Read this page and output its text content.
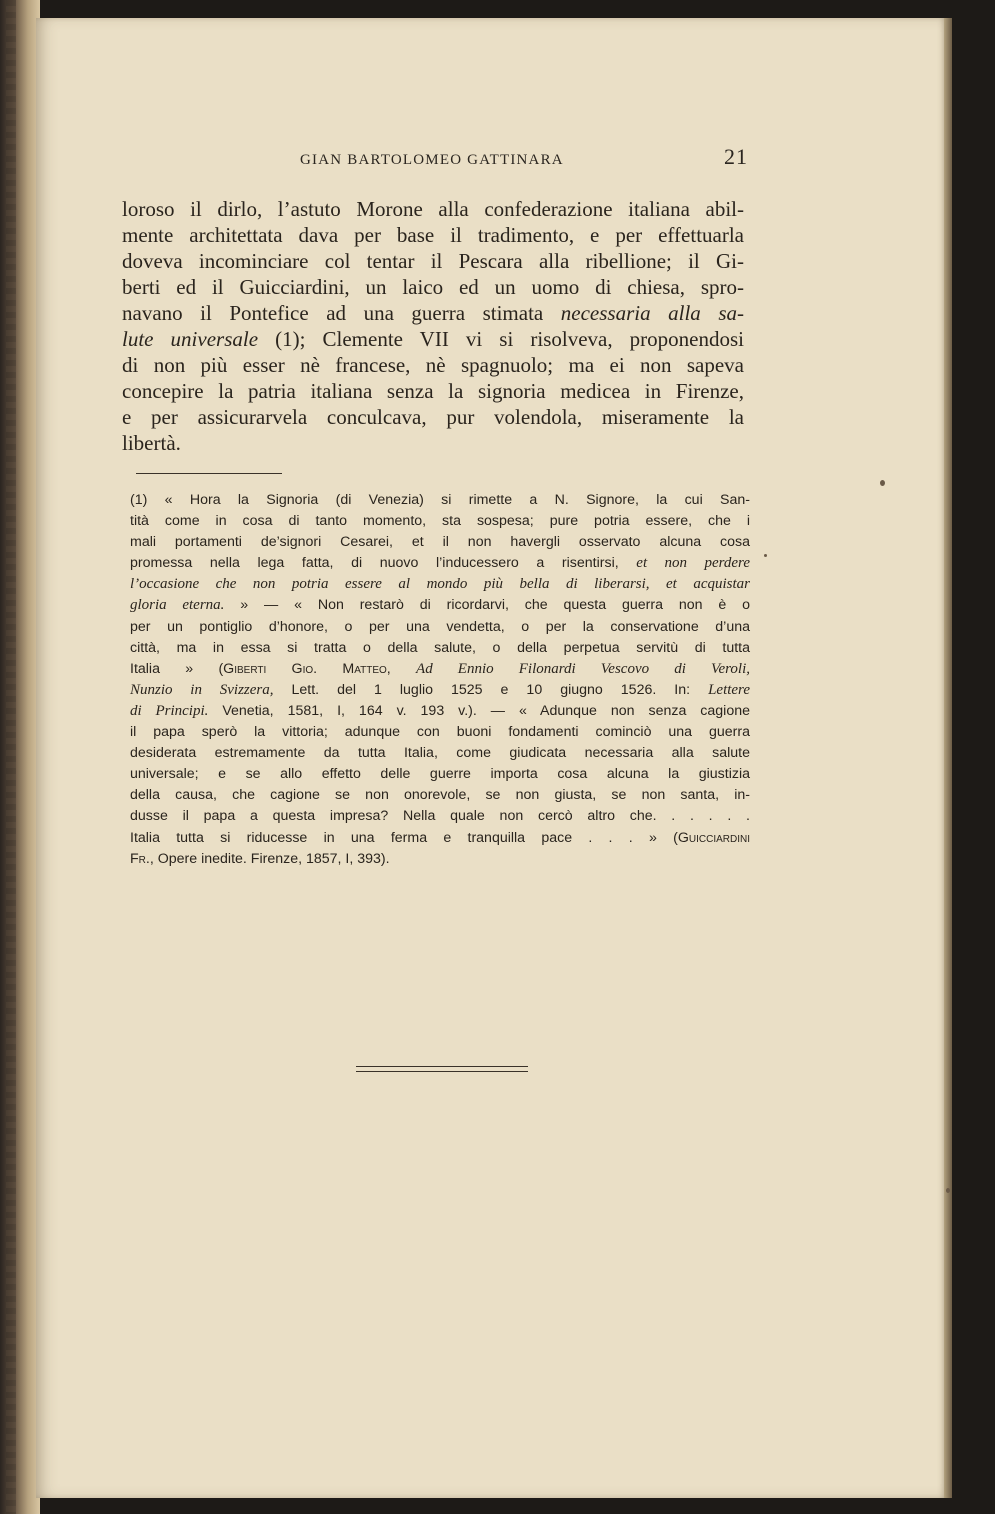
GIAN BARTOLOMEO GATTINARA	21
loroso il dirlo, l’astuto Morone alla confederazione italiana abil-
mente architettata dava per base il tradimento, e per effettuarla
doveva incominciare col tentar il Pescara alla ribellione; il Gi-
berti ed il Guicciardini, un laico ed un uomo di chiesa, spro-
navano il Pontefice ad una guerra stimata necessaria alla sa-
lute universale (1); Clemente VII vi si risolveva, proponendosi
di non più esser nè francese, nè spagnuolo; ma ei non sapeva
concepire la patria italiana senza la signoria medicea in Firenze,
e per assicurarvela conculcava, pur volendola, miseramente la
libertà.
(1) « Hora la Signoria (di Venezia) si rimette a N. Signore, la cui San-
tità come in cosa di tanto momento, sta sospesa; pure potria essere, che i
mali portamenti de’signori Cesarei, et il non havergli osservato alcuna cosa
promessa nella lega fatta, di nuovo l’inducessero a risentirsi, et non perdere
l’occasione che non potria essere al mondo più bella di liberarsi, et acquistar
gloria eterna. » — « Non restarò di ricordarvi, che questa guerra non è o
per un pontiglio d’honore, o per una vendetta, o per la conservatione d’una
città, ma in essa si tratta o della salute, o della perpetua servitù di tutta
Italia » (Giberti Gio. Matteo, Ad Ennio Filonardi Vescovo di Veroli,
Nunzio in Svizzera, Lett. del 1 luglio 1525 e 10 giugno 1526. In: Lettere
di Principi. Venetia, 1581, I, 164 v. 193 v.). — « Adunque non senza cagione
il papa sperò la vittoria; adunque con buoni fondamenti cominciò una guerra
desiderata estremamente da tutta Italia, come giudicata necessaria alla salute
universale; e se allo effetto delle guerre importa cosa alcuna la giustizia
della causa, che cagione se non onorevole, se non giusta, se non santa, in-
dusse il papa a questa impresa? Nella quale non cercò altro che. . . . . .
Italia tutta si riducesse in una ferma e tranquilla pace . . . » (Guicciardini
Fr., Opere inedite. Firenze, 1857, I, 393).
